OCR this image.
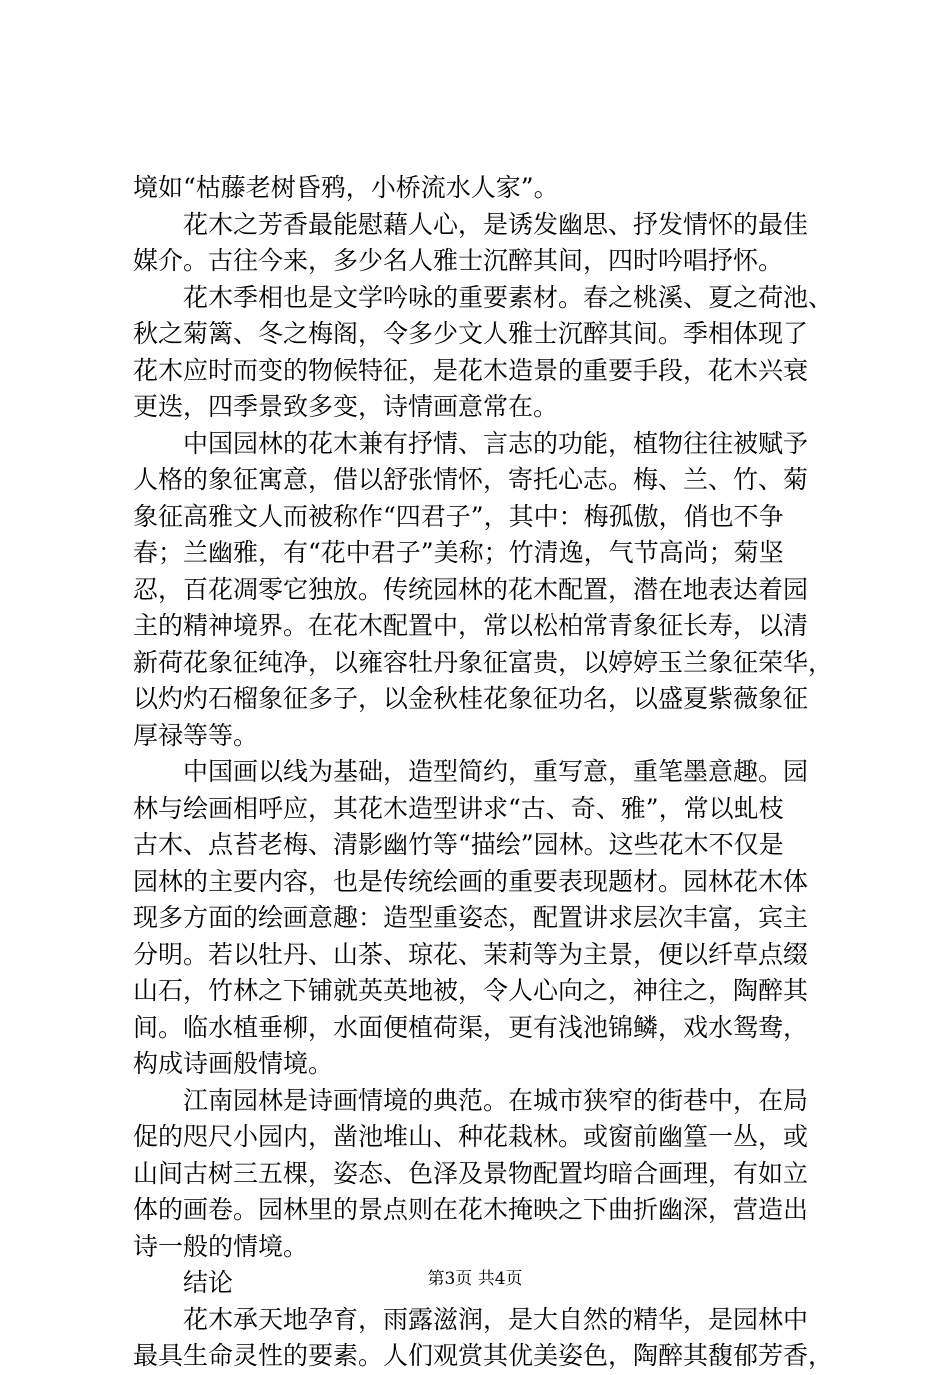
境如“枯藤老树昏鸦，小桥流水人家”。
花木之芳香最能慰藉人心，是诱发幽思、抒发情怀的最佳
媒介。古往今来，多少名人雅士沉醉其间，四时吟唱抒怀。
花木季相也是文学吟咏的重要素材。春之桃溪、夏之荷池、
秋之菊篱、冬之梅阁，令多少文人雅士沉醉其间。季相体现了
花木应时而变的物候特征，是花木造景的重要手段，花木兴衰
更迭，四季景致多变，诗情画意常在。
中国园林的花木兼有抒情、言志的功能，植物往往被赋予
人格的象征寓意，借以舒张情怀，寄托心志。梅、兰、竹、菊
象征高雅文人而被称作“四君子”，其中：梅孤傲，俏也不争
春；兰幽雅，有“花中君子”美称；竹清逸，气节高尚；菊坚
忍，百花凋零它独放。传统园林的花木配置，潜在地表达着园
主的精神境界。在花木配置中，常以松柏常青象征长寿，以清
新荷花象征纯净，以雍容牡丹象征富贵，以婷婷玉兰象征荣华，
以灼灼石榴象征多子，以金秋桂花象征功名，以盛夏紫薇象征
厚禄等等。
中国画以线为基础，造型简约，重写意，重笔墨意趣。园
林与绘画相呼应，其花木造型讲求“古、奇、雅”，常以虬枝
古木、点苔老梅、清影幽竹等“描绘”园林。这些花木不仅是
园林的主要内容，也是传统绘画的重要表现题材。园林花木体
现多方面的绘画意趣：造型重姿态，配置讲求层次丰富，宾主
分明。若以牡丹、山茶、琼花、茉莉等为主景，便以纤草点缀
山石，竹林之下铺就英英地被，令人心向之，神往之，陶醉其
间。临水植垂柳，水面便植荷渠，更有浅池锦鳞，戏水鸳鸯，
构成诗画般情境。
江南园林是诗画情境的典范。在城市狭窄的街巷中，在局
促的咫尺小园内，凿池堆山、种花栽林。或窗前幽篁一丛，或
山间古树三五棵，姿态、色泽及景物配置均暗合画理，有如立
体的画卷。园林里的景点则在花木掩映之下曲折幽深，营造出
诗一般的情境。
结论
花木承天地孕育，雨露滋润，是大自然的精华，是园林中
最具生命灵性的要素。人们观赏其优美姿色，陶醉其馥郁芳香，
第3页 共4页
